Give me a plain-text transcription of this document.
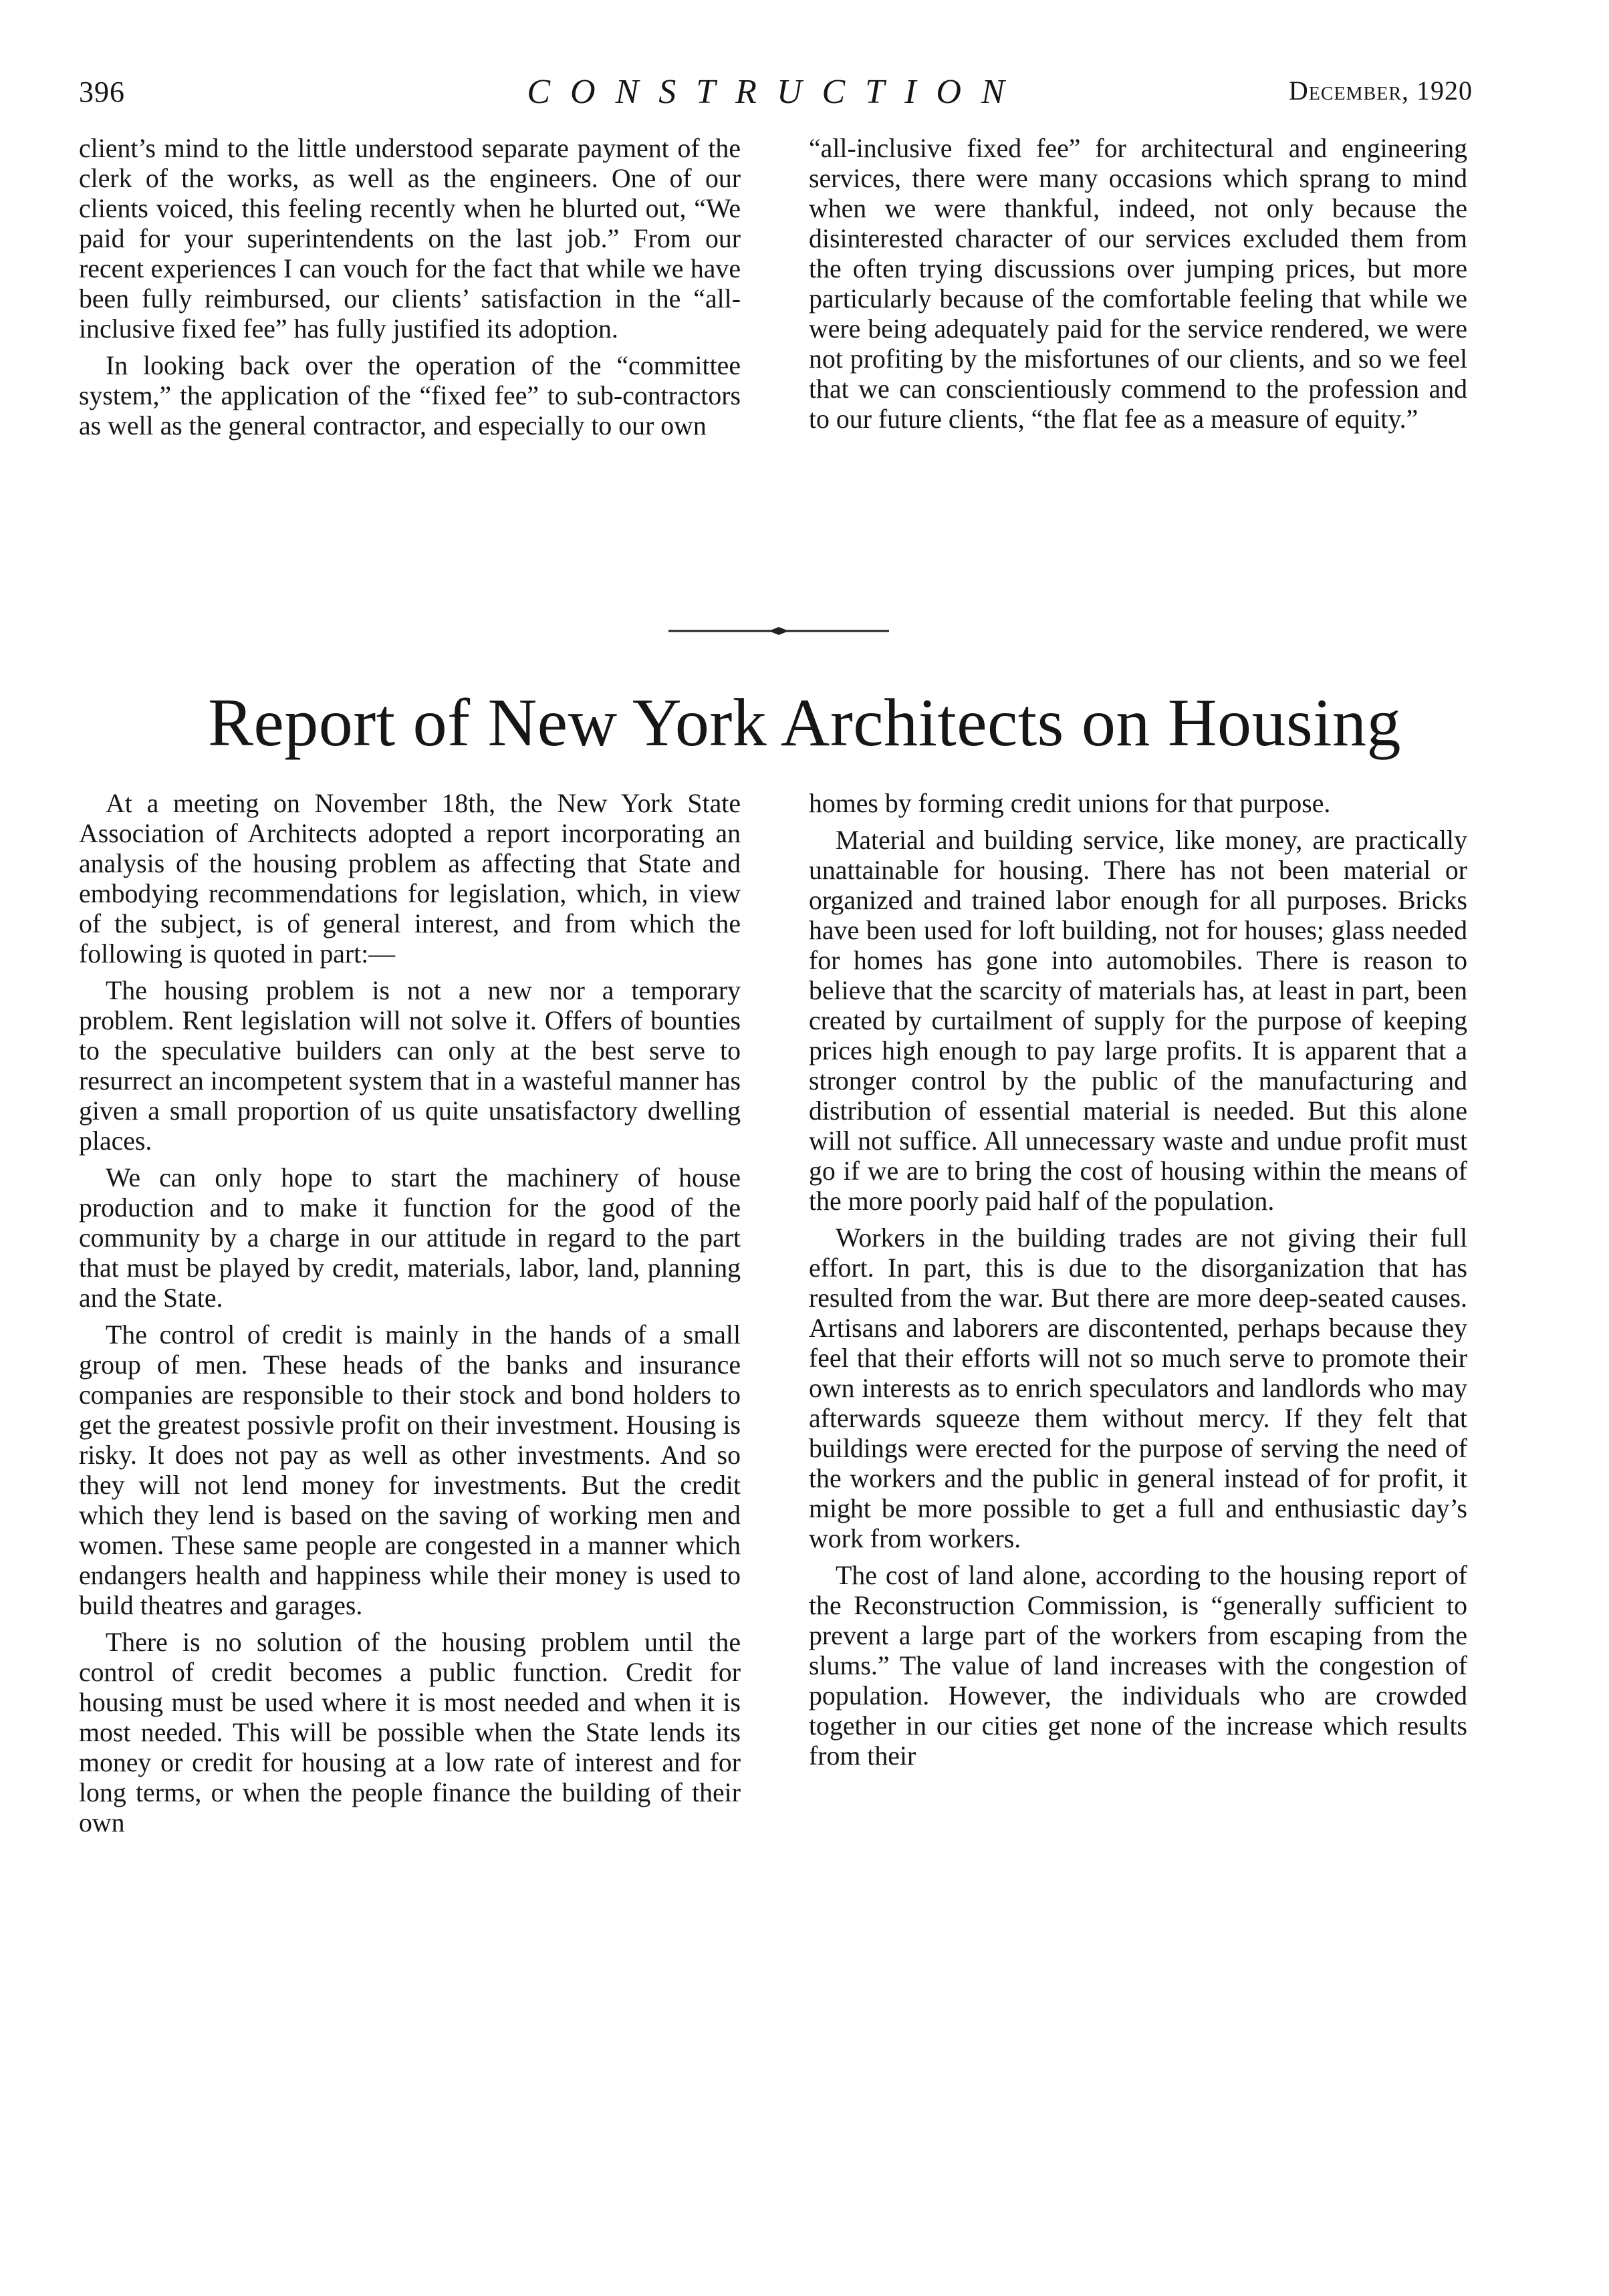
396	CONSTRUCTION	December, 1920

client’s mind to the little understood separate payment of the clerk of the works, as well as the engineers. One of our clients voiced, this feeling recently when he blurted out, “We paid for your superintendents on the last job.” From our recent experiences I can vouch for the fact that while we have been fully reimbursed, our clients’ satisfaction in the “all-inclusive fixed fee” has fully justified its adoption.

In looking back over the operation of the “committee system,” the application of the “fixed fee” to sub-contractors as well as the general contractor, and especially to our own

“all-inclusive fixed fee” for architectural and engineering services, there were many occasions which sprang to mind when we were thankful, indeed, not only because the disinterested character of our services excluded them from the often trying discussions over jumping prices, but more particularly because of the comfortable feeling that while we were being adequately paid for the service rendered, we were not profiting by the misfortunes of our clients, and so we feel that we can conscientiously commend to the profession and to our future clients, “the flat fee as a measure of equity.”

Report of New York Architects on Housing

At a meeting on November 18th, the New York State Association of Architects adopted a report incorporating an analysis of the housing problem as affecting that State and embodying recommendations for legislation, which, in view of the subject, is of general interest, and from which the following is quoted in part:—

The housing problem is not a new nor a temporary problem. Rent legislation will not solve it. Offers of bounties to the speculative builders can only at the best serve to resurrect an incompetent system that in a wasteful manner has given a small proportion of us quite unsatisfactory dwelling places.

We can only hope to start the machinery of house production and to make it function for the good of the community by a charge in our attitude in regard to the part that must be played by credit, materials, labor, land, planning and the State.

The control of credit is mainly in the hands of a small group of men. These heads of the banks and insurance companies are responsible to their stock and bond holders to get the greatest possivle profit on their investment. Housing is risky. It does not pay as well as other investments. And so they will not lend money for investments. But the credit which they lend is based on the saving of working men and women. These same people are congested in a manner which endangers health and happiness while their money is used to build theatres and garages.

There is no solution of the housing problem until the control of credit becomes a public function. Credit for housing must be used where it is most needed and when it is most needed. This will be possible when the State lends its money or credit for housing at a low rate of interest and for long terms, or when the people finance the building of their own

homes by forming credit unions for that purpose.

Material and building service, like money, are practically unattainable for housing. There has not been material or organized and trained labor enough for all purposes. Bricks have been used for loft building, not for houses; glass needed for homes has gone into automobiles. There is reason to believe that the scarcity of materials has, at least in part, been created by curtailment of supply for the purpose of keeping prices high enough to pay large profits. It is apparent that a stronger control by the public of the manufacturing and distribution of essential material is needed. But this alone will not suffice. All unnecessary waste and undue profit must go if we are to bring the cost of housing within the means of the more poorly paid half of the population.

Workers in the building trades are not giving their full effort. In part, this is due to the disorganization that has resulted from the war. But there are more deep-seated causes. Artisans and laborers are discontented, perhaps because they feel that their efforts will not so much serve to promote their own interests as to enrich speculators and landlords who may afterwards squeeze them without mercy. If they felt that buildings were erected for the purpose of serving the need of the workers and the public in general instead of for profit, it might be more possible to get a full and enthusiastic day’s work from workers.

The cost of land alone, according to the housing report of the Reconstruction Commission, is “generally sufficient to prevent a large part of the workers from escaping from the slums.” The value of land increases with the congestion of population. However, the individuals who are crowded together in our cities get none of the increase which results from their
